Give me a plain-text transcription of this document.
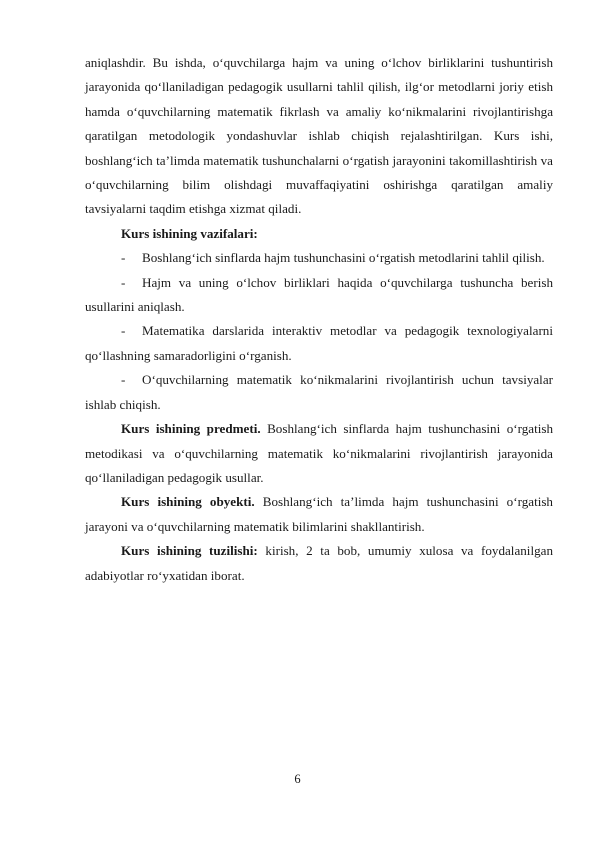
aniqlashdir. Bu ishda, o‘quvchilarga hajm va uning o‘lchov birliklarini tushuntirish jarayonida qo‘llaniladigan pedagogik usullarni tahlil qilish, ilg‘or metodlarni joriy etish hamda o‘quvchilarning matematik fikrlash va amaliy ko‘nikmalarini rivojlantirishga qaratilgan metodologik yondashuvlar ishlab chiqish rejalashtirilgan. Kurs ishi, boshlang‘ich ta’limda matematik tushunchalarni o‘rgatish jarayonini takomillashtirish va o‘quvchilarning bilim olishdagi muvaffaqiyatini oshirishga qaratilgan amaliy tavsiyalarni taqdim etishga xizmat qiladi.

Kurs ishining vazifalari:

- Boshlang‘ich sinflarda hajm tushunchasini o‘rgatish metodlarini tahlil qilish.

- Hajm va uning o‘lchov birliklari haqida o‘quvchilarga tushuncha berish usullarini aniqlash.

- Matematika darslarida interaktiv metodlar va pedagogik texnologiyalarni qo‘llashning samaradorligini o‘rganish.

- O‘quvchilarning matematik ko‘nikmalarini rivojlantirish uchun tavsiyalar ishlab chiqish.

Kurs ishining predmeti. Boshlang‘ich sinflarda hajm tushunchasini o‘rgatish metodikasi va o‘quvchilarning matematik ko‘nikmalarini rivojlantirish jarayonida qo‘llaniladigan pedagogik usullar.

Kurs ishining obyekti. Boshlang‘ich ta’limda hajm tushunchasini o‘rgatish jarayoni va o‘quvchilarning matematik bilimlarini shakllantirish.

Kurs ishining tuzilishi: kirish, 2 ta bob, umumiy xulosa va foydalanilgan adabiyotlar ro‘yxatidan iborat.

6
